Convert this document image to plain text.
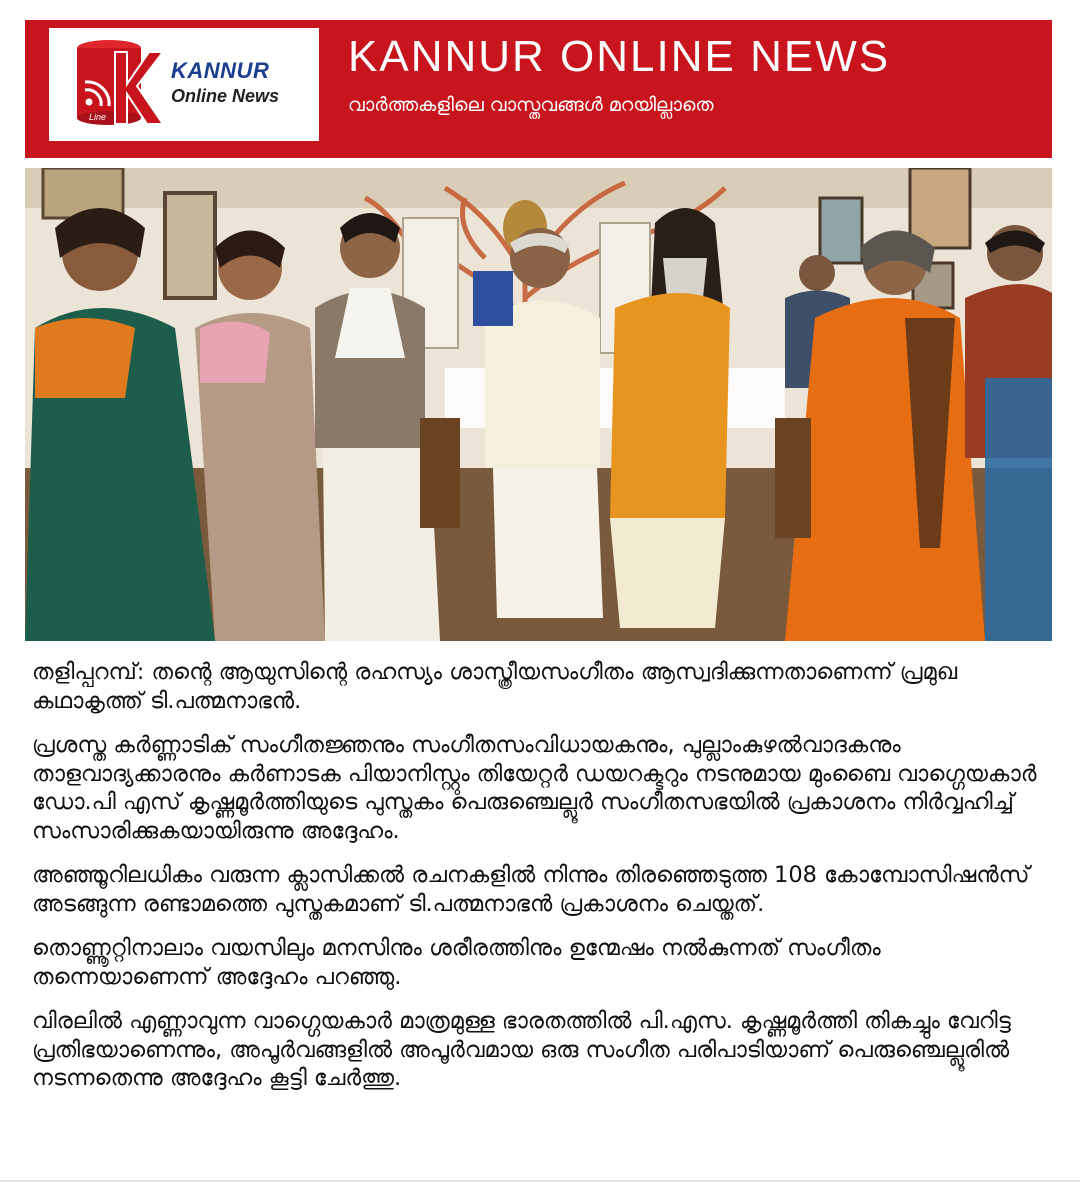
Line
KANNUR
Online News
KANNUR ONLINE NEWS
വാർത്തകളിലെ വാസ്തവങ്ങൾ മറയില്ലാതെ

തളിപ്പറമ്പ്: തന്റെ ആയുസിന്റെ രഹസ്യം ശാസ്ത്രീയസംഗീതം ആസ്വദിക്കുന്നതാണെന്ന് പ്രമുഖ കഥാകൃത്ത് ടി.പത്മനാഭൻ.

പ്രശസ്ത കർണ്ണാടിക് സംഗീതജ്ഞനും സംഗീതസംവിധായകനും, പുല്ലാംകുഴൽവാദകനും താളവാദ്യക്കാരനും കർണാടക പിയാനിസ്റ്റും തിയേറ്റർ ഡയറക്ടറും നടനുമായ മുംബൈ വാഗ്ഗെയകാർ ഡോ.പി എസ് കൃഷ്ണമൂർത്തിയുടെ പുസ്തകം പെരുഞ്ചെല്ലൂർ സംഗീതസഭയിൽ പ്രകാശനം നിർവ്വഹിച്ച് സംസാരിക്കുകയായിരുന്നു അദ്ദേഹം.

അഞ്ഞൂറിലധികം വരുന്ന ക്ലാസിക്കൽ രചനകളിൽ നിന്നും തിരഞ്ഞെടുത്ത 108 കോമ്പോസിഷൻസ് അടങ്ങുന്ന രണ്ടാമത്തെ പുസ്തകമാണ് ടി.പത്മനാഭൻ പ്രകാശനം ചെയ്തത്.

തൊണ്ണൂറ്റിനാലാം വയസിലും മനസിനും ശരീരത്തിനും ഉന്മേഷം നൽകുന്നത് സംഗീതം തന്നെയാണെന്ന് അദ്ദേഹം പറഞ്ഞു.

വിരലിൽ എണ്ണാവുന്ന വാഗ്ഗെയകാർ മാത്രമുള്ള ഭാരതത്തിൽ പി.എസ. കൃഷ്ണമൂർത്തി തികച്ചും വേറിട്ട പ്രതിഭയാണെന്നും, അപൂർവങ്ങളിൽ അപൂർവമായ ഒരു സംഗീത പരിപാടിയാണ് പെരുഞ്ചെല്ലൂരിൽ നടന്നതെന്നു അദ്ദേഹം കൂട്ടി ചേർത്തു.
